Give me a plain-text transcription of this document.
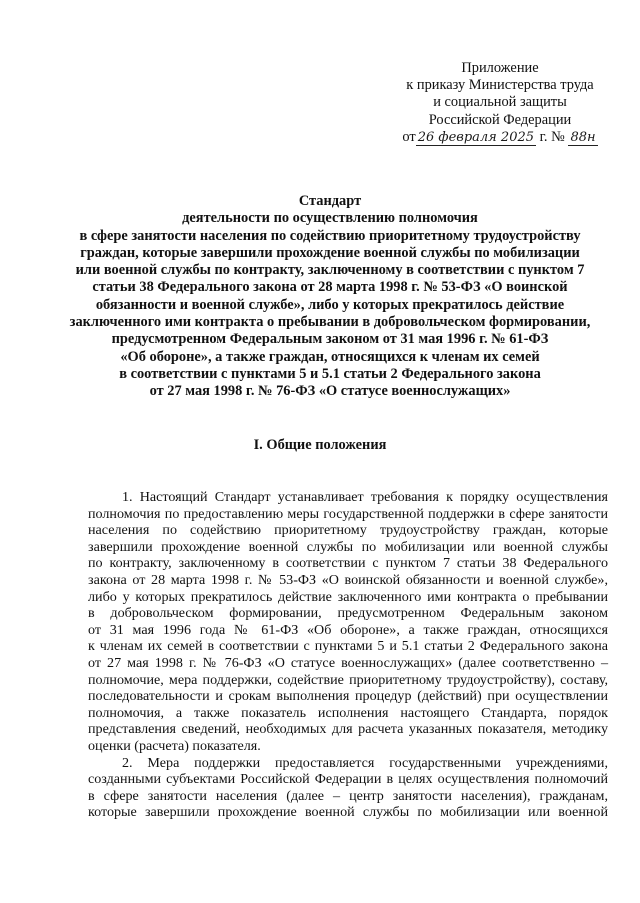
Приложение
к приказу Министерства труда
и социальной защиты
Российской Федерации
от 26 февраля 2025 г. № 88н
Стандарт
деятельности по осуществлению полномочия
в сфере занятости населения по содействию приоритетному трудоустройству
граждан, которые завершили прохождение военной службы по мобилизации
или военной службы по контракту, заключенному в соответствии с пунктом 7
статьи 38 Федерального закона от 28 марта 1998 г. № 53-ФЗ «О воинской
обязанности и военной службе», либо у которых прекратилось действие
заключенного ими контракта о пребывании в добровольческом формировании,
предусмотренном Федеральным законом от 31 мая 1996 г. № 61-ФЗ
«Об обороне», а также граждан, относящихся к членам их семей
в соответствии с пунктами 5 и 5.1 статьи 2 Федерального закона
от 27 мая 1998 г. № 76-ФЗ «О статусе военнослужащих»
I. Общие положения
1. Настоящий Стандарт устанавливает требования к порядку осуществления
полномочия по предоставлению меры государственной поддержки в сфере занятости
населения по содействию приоритетному трудоустройству граждан, которые
завершили прохождение военной службы по мобилизации или военной службы
по контракту, заключенному в соответствии с пунктом 7 статьи 38 Федерального
закона от 28 марта 1998 г. № 53-ФЗ «О воинской обязанности и военной службе»,
либо у которых прекратилось действие заключенного ими контракта о пребывании
в добровольческом формировании, предусмотренном Федеральным законом
от 31 мая 1996 года № 61-ФЗ «Об обороне», а также граждан, относящихся
к членам их семей в соответствии с пунктами 5 и 5.1 статьи 2 Федерального закона
от 27 мая 1998 г. № 76-ФЗ «О статусе военнослужащих» (далее соответственно –
полномочие, мера поддержки, содействие приоритетному трудоустройству), составу,
последовательности и срокам выполнения процедур (действий) при осуществлении
полномочия, а также показатель исполнения настоящего Стандарта, порядок
представления сведений, необходимых для расчета указанных показателя, методику
оценки (расчета) показателя.
2. Мера поддержки предоставляется государственными учреждениями,
созданными субъектами Российской Федерации в целях осуществления полномочий
в сфере занятости населения (далее – центр занятости населения), гражданам,
которые завершили прохождение военной службы по мобилизации или военной
